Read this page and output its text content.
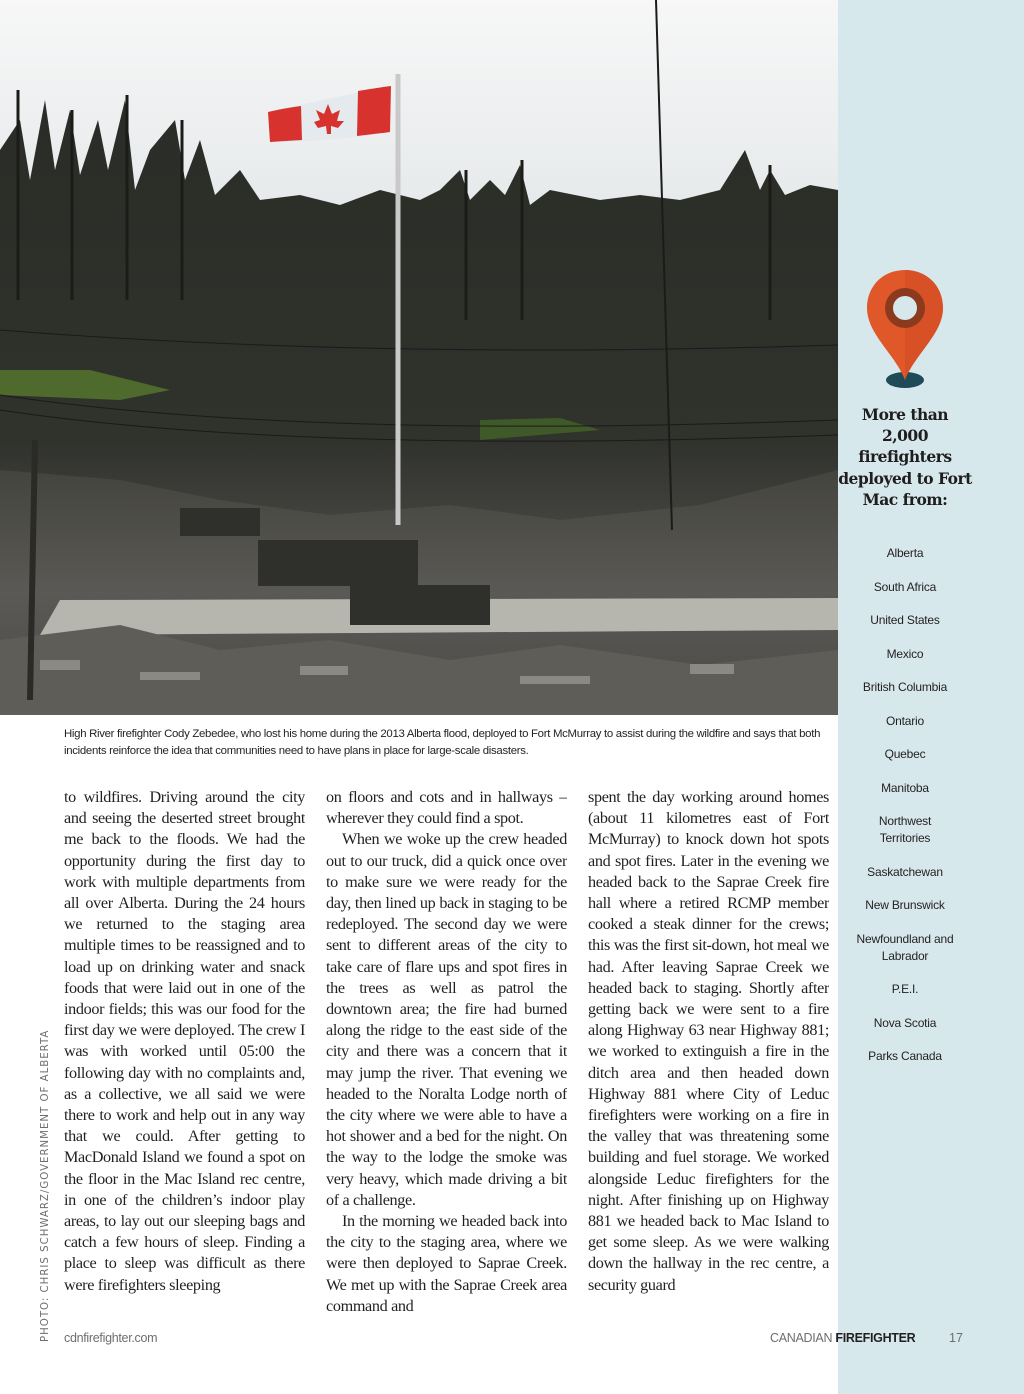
High River firefighter Cody Zebedee, who lost his home during the 2013 Alberta flood, deployed to Fort McMurray to assist during the wildfire and says that both incidents reinforce the idea that communities need to have plans in place for large-scale disasters.
PHOTO: CHRIS SCHWARZ/GOVERNMENT OF ALBERTA

to wildfires. Driving around the city and seeing the deserted street brought me back to the floods. We had the opportunity during the first day to work with multiple departments from all over Alberta. During the 24 hours we returned to the staging area multiple times to be reassigned and to load up on drinking water and snack foods that were laid out in one of the indoor fields; this was our food for the first day we were deployed. The crew I was with worked until 05:00 the following day with no complaints and, as a collective, we all said we were there to work and help out in any way that we could. After getting to MacDonald Island we found a spot on the floor in the Mac Island rec centre, in one of the children’s indoor play areas, to lay out our sleeping bags and catch a few hours of sleep. Finding a place to sleep was difficult as there were firefighters sleeping

on floors and cots and in hallways – wherever they could find a spot.

When we woke up the crew headed out to our truck, did a quick once over to make sure we were ready for the day, then lined up back in staging to be redeployed. The second day we were sent to different areas of the city to take care of flare ups and spot fires in the trees as well as patrol the downtown area; the fire had burned along the ridge to the east side of the city and there was a concern that it may jump the river. That evening we headed to the Noralta Lodge north of the city where we were able to have a hot shower and a bed for the night. On the way to the lodge the smoke was very heavy, which made driving a bit of a challenge.

In the morning we headed back into the city to the staging area, where we were then deployed to Saprae Creek. We met up with the Saprae Creek area command and

spent the day working around homes (about 11 kilometres east of Fort McMurray) to knock down hot spots and spot fires. Later in the evening we headed back to the Saprae Creek fire hall where a retired RCMP member cooked a steak dinner for the crews; this was the first sit-down, hot meal we had. After leaving Saprae Creek we headed back to staging. Shortly after getting back we were sent to a fire along Highway 63 near Highway 881; we worked to extinguish a fire in the ditch area and then headed down Highway 881 where City of Leduc firefighters were working on a fire in the valley that was threatening some building and fuel storage. We worked alongside Leduc firefighters for the night. After finishing up on Highway 881 we headed back to Mac Island to get some sleep. As we were walking down the hallway in the rec centre, a security guard

More than 2,000 firefighters deployed to Fort Mac from:
Alberta
South Africa
United States
Mexico
British Columbia
Ontario
Quebec
Manitoba
Northwest Territories
Saskatchewan
New Brunswick
Newfoundland and Labrador
P.E.I.
Nova Scotia
Parks Canada
cdnfirefighter.com	CANADIAN FIREFIGHTER	17
